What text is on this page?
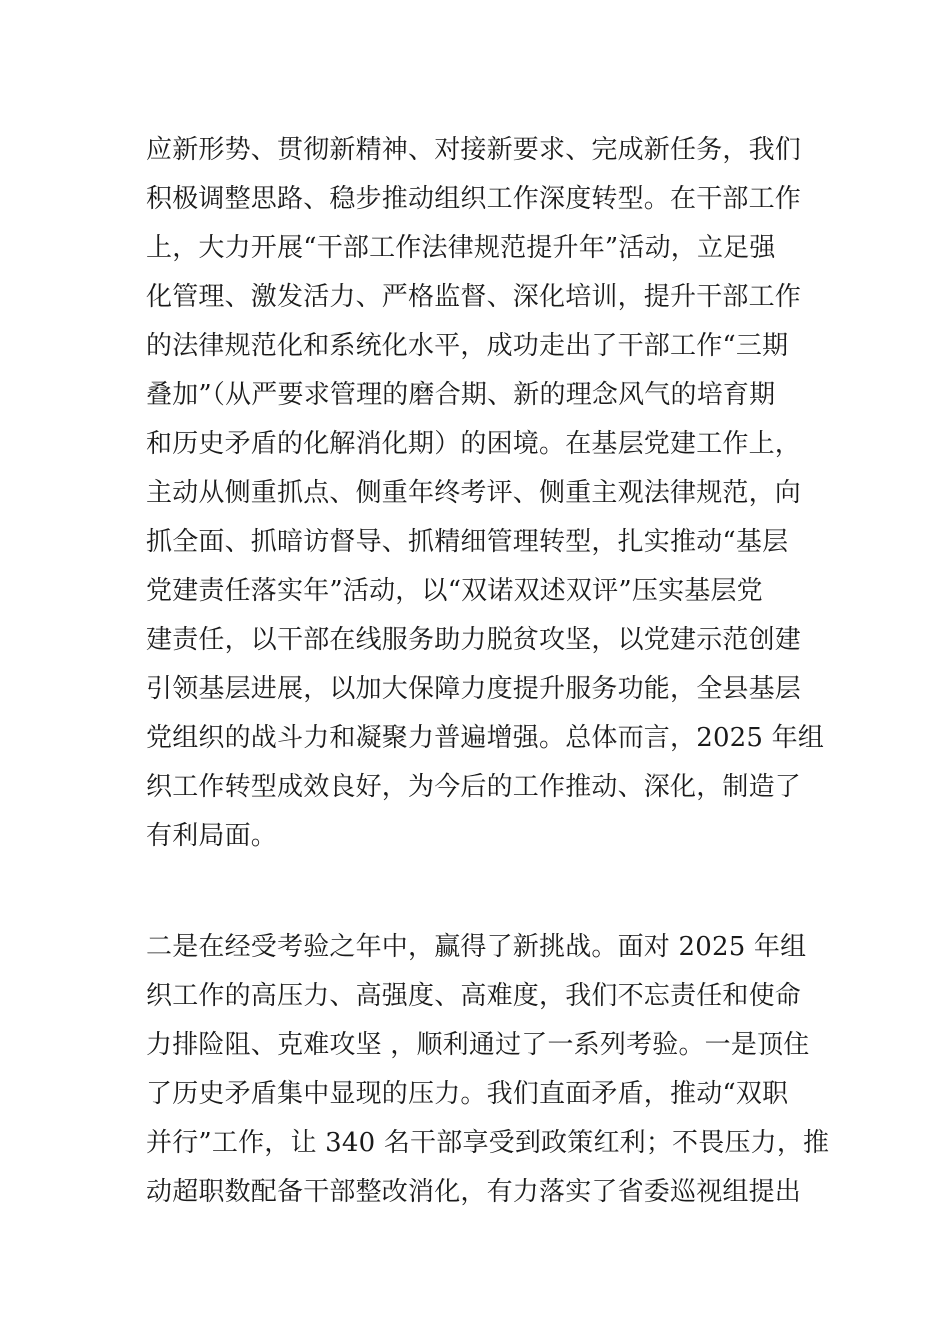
应新形势、贯彻新精神、对接新要求、完成新任务，我们
积极调整思路、稳步推动组织工作深度转型。在干部工作
上，大力开展“干部工作法律规范提升年”活动，立足强
化管理、激发活力、严格监督、深化培训，提升干部工作
的法律规范化和系统化水平，成功走出了干部工作“三期
叠加”（从严要求管理的磨合期、新的理念风气的培育期
和历史矛盾的化解消化期）的困境。在基层党建工作上，
主动从侧重抓点、侧重年终考评、侧重主观法律规范，向
抓全面、抓暗访督导、抓精细管理转型，扎实推动“基层
党建责任落实年”活动，以“双诺双述双评”压实基层党
建责任，以干部在线服务助力脱贫攻坚，以党建示范创建
引领基层进展，以加大保障力度提升服务功能，全县基层
党组织的战斗力和凝聚力普遍增强。总体而言，2025 年组
织工作转型成效良好，为今后的工作推动、深化，制造了
有利局面。
二是在经受考验之年中，赢得了新挑战。面对 2025 年组
织工作的高压力、高强度、高难度，我们不忘责任和使命
力排险阻、克难攻坚 ，顺利通过了一系列考验。一是顶住
了历史矛盾集中显现的压力。我们直面矛盾，推动“双职
并行”工作，让 340 名干部享受到政策红利；不畏压力，推
动超职数配备干部整改消化，有力落实了省委巡视组提出
